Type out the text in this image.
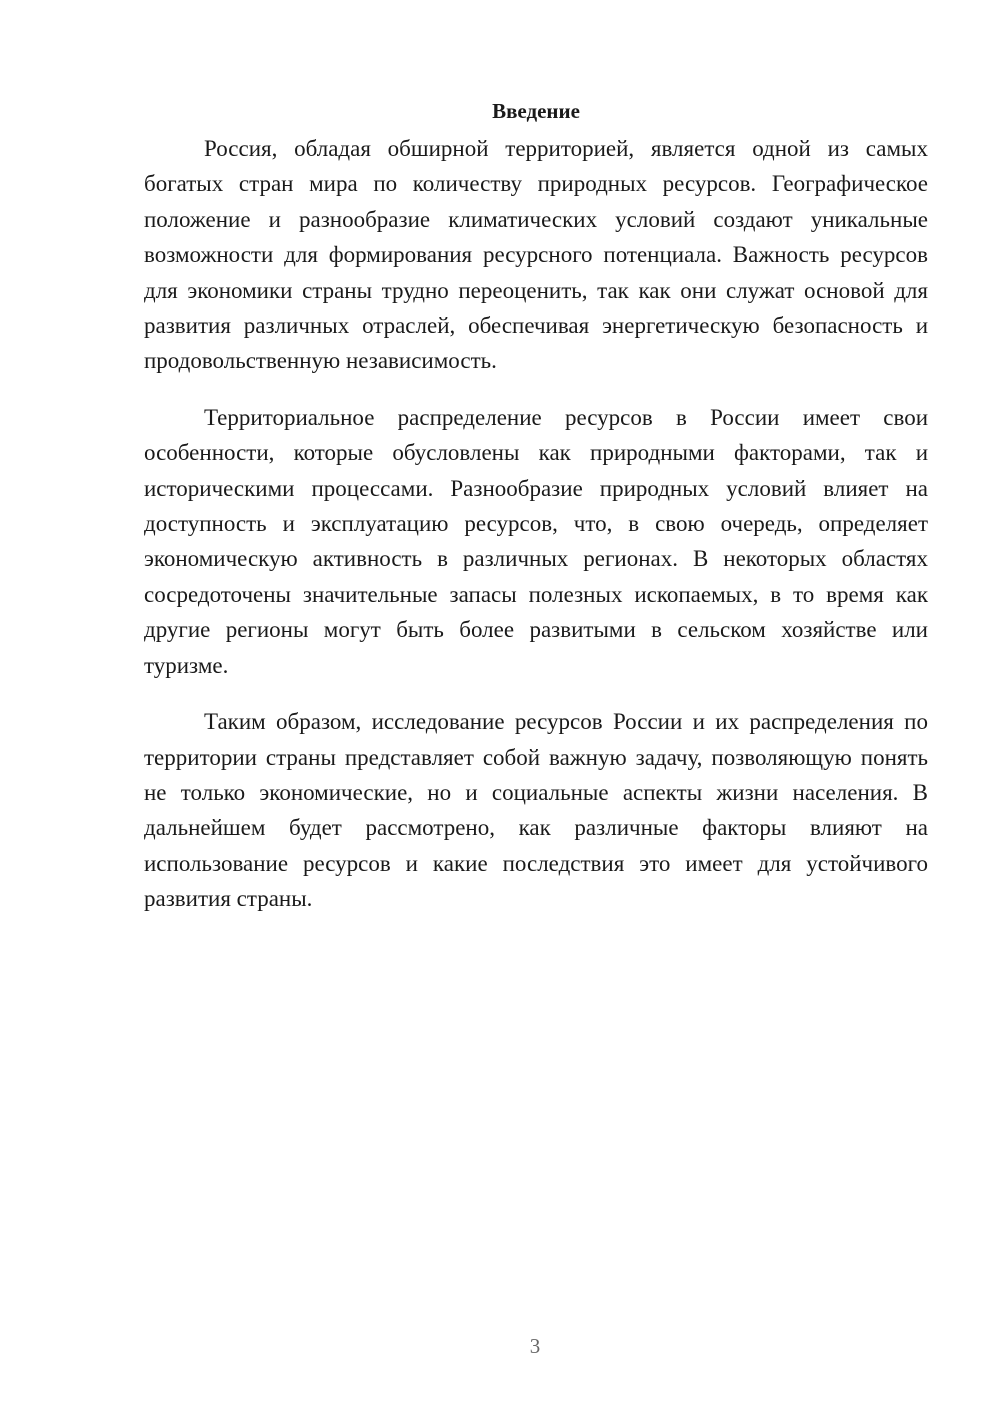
Введение

Россия, обладая обширной территорией, является одной из самых богатых стран мира по количеству природных ресурсов. Географическое положение и разнообразие климатических условий создают уникальные возможности для формирования ресурсного потенциала. Важность ресурсов для экономики страны трудно переоценить, так как они служат основой для развития различных отраслей, обеспечивая энергетическую безопасность и продовольственную независимость.

Территориальное распределение ресурсов в России имеет свои особенности, которые обусловлены как природными факторами, так и историческими процессами. Разнообразие природных условий влияет на доступность и эксплуатацию ресурсов, что, в свою очередь, определяет экономическую активность в различных регионах. В некоторых областях сосредоточены значительные запасы полезных ископаемых, в то время как другие регионы могут быть более развитыми в сельском хозяйстве или туризме.

Таким образом, исследование ресурсов России и их распределения по территории страны представляет собой важную задачу, позволяющую понять не только экономические, но и социальные аспекты жизни населения. В дальнейшем будет рассмотрено, как различные факторы влияют на использование ресурсов и какие последствия это имеет для устойчивого развития страны.

3
